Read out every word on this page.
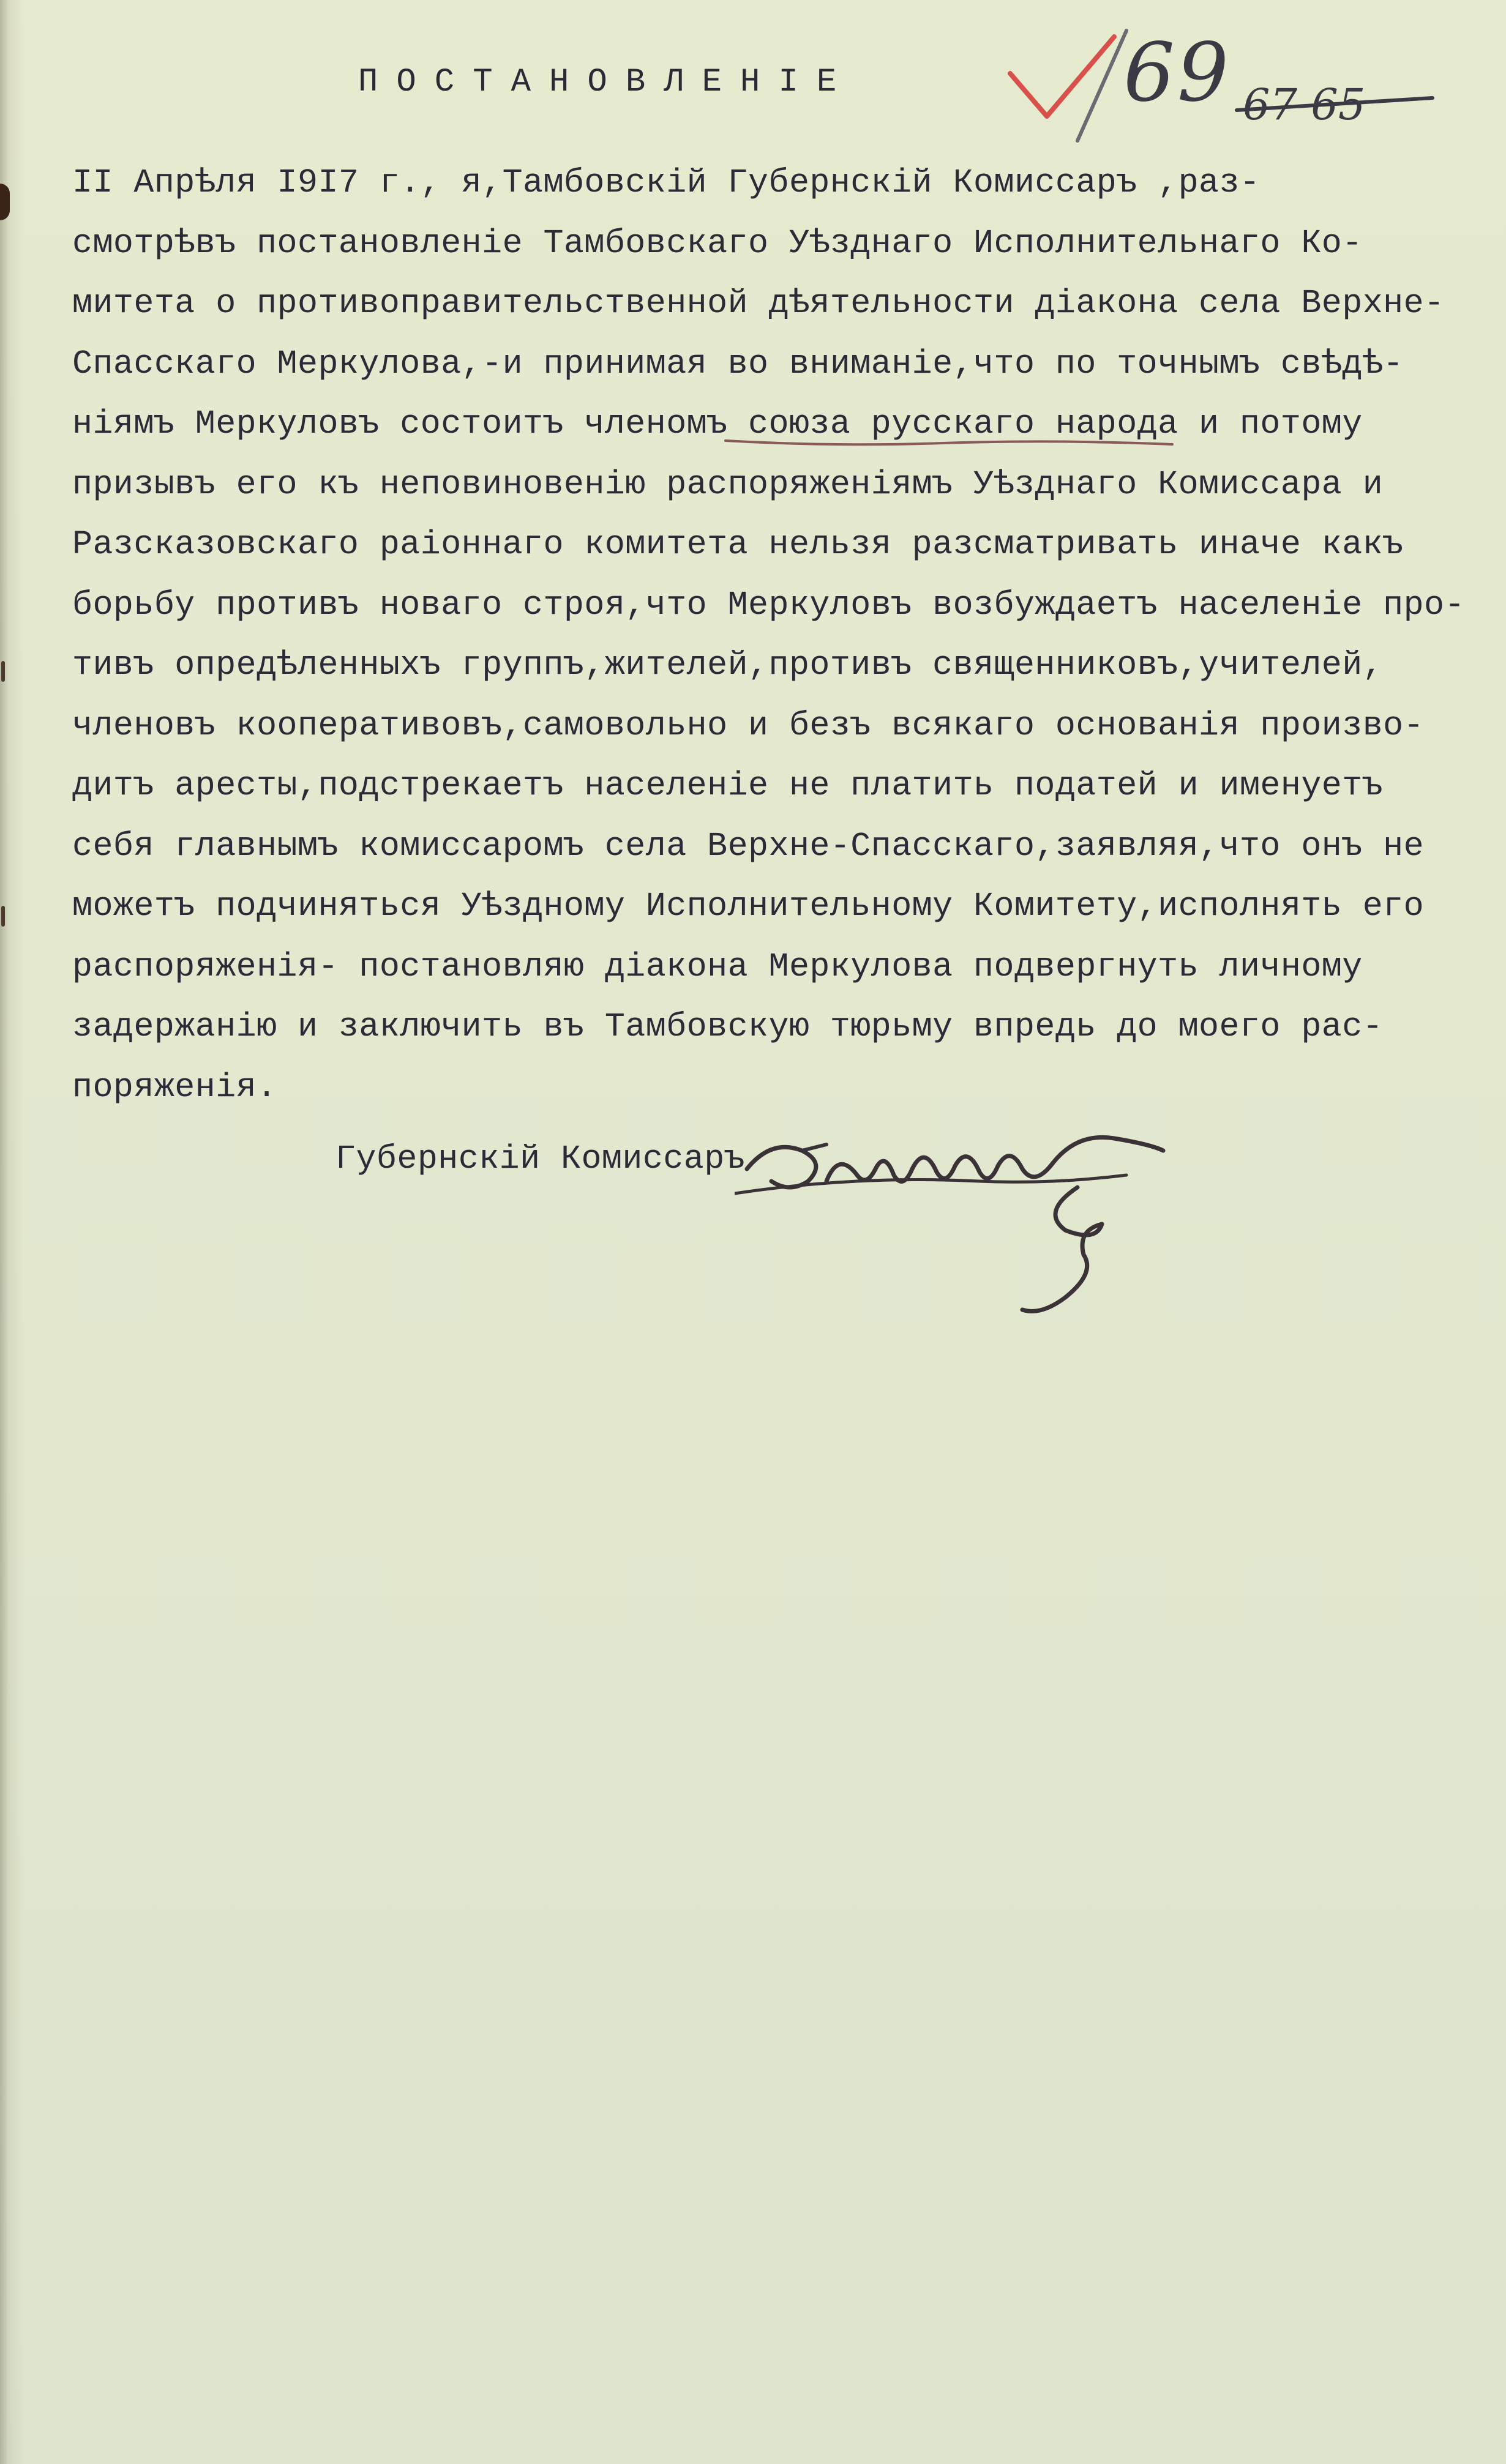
ПОСТАНОВЛЕНIЕ	69 67 65
II Апрѣля I9I7 г., я,Тамбовскiй Губернскiй Комиссаръ ,раз-
смотрѣвъ постановленiе Тамбовскаго Уѣзднаго Исполнительнаго Ко-
митета о противоправительственной дѣятельности дiакона села Верхне-
Спасскаго Меркулова,-и принимая во вниманiе,что по точнымъ свѣдѣ-
нiямъ Меркуловъ состоитъ членомъ союза русскаго народа и потому
призывъ его къ неповиновенiю распоряженiямъ Уѣзднаго Комиссара и
Разсказовскаго раiоннаго комитета нельзя разсматривать иначе какъ
борьбу противъ новаго строя,что Меркуловъ возбуждаетъ населенiе про-
тивъ опредѣленныхъ группъ,жителей,противъ священниковъ,учителей,
членовъ кооперативовъ,самовольно и безъ всякаго основанiя произво-
дитъ аресты,подстрекаетъ населенiе не платить податей и именуетъ
себя главнымъ комиссаромъ села Верхне-Спасскаго,заявляя,что онъ не
можетъ подчиняться Уѣздному Исполнительному Комитету,исполнять его
распоряженiя- постановляю дiакона Меркулова подвергнуть личному
задержанiю и заключить въ Тамбовскую тюрьму впредь до моего рас-
поряженiя.
Губернскiй Комиссаръ
